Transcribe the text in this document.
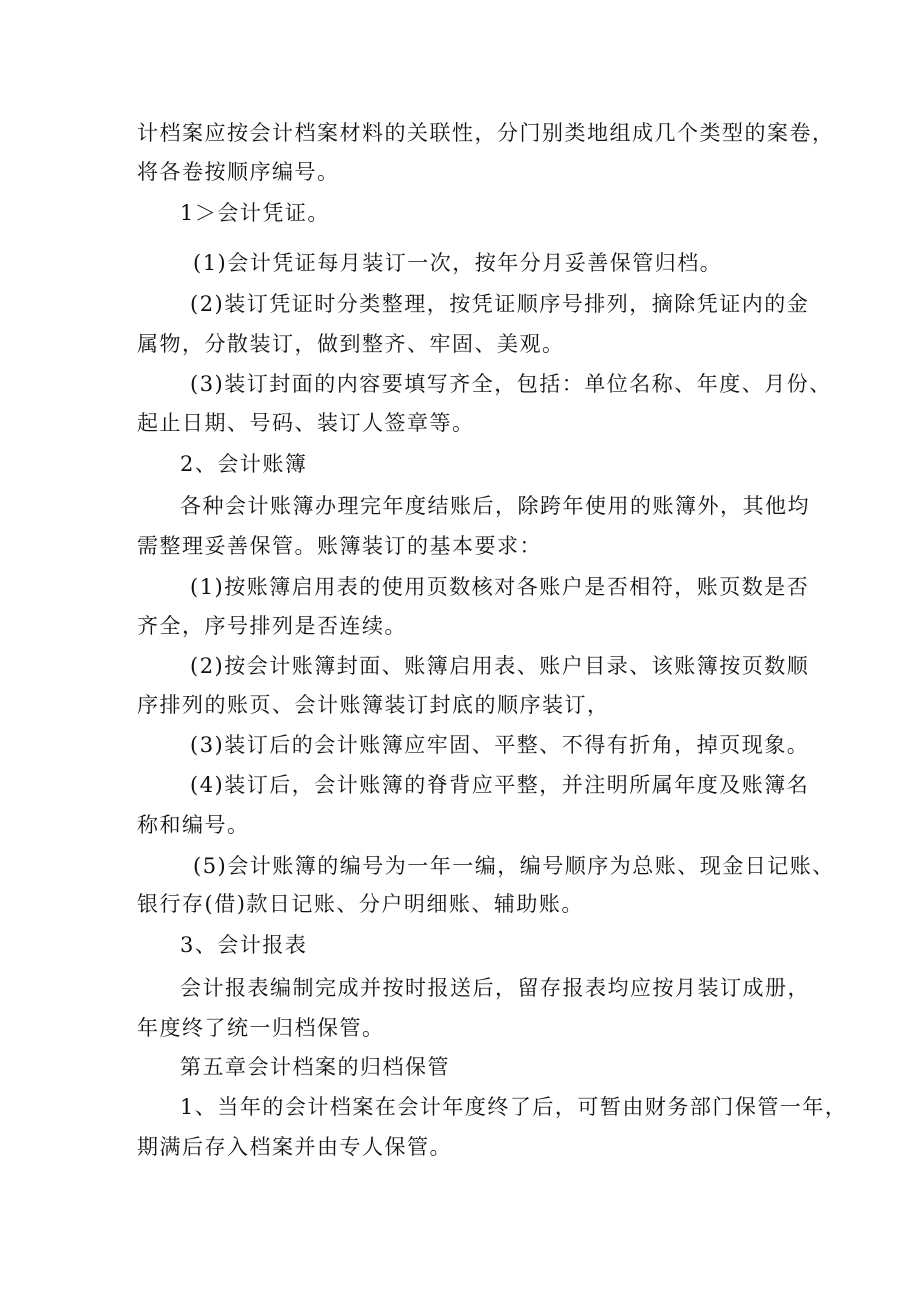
计档案应按会计档案材料的关联性，分门别类地组成几个类型的案卷，
将各卷按顺序编号。
1＞会计凭证。
(1)会计凭证每月装订一次，按年分月妥善保管归档。
(2)装订凭证时分类整理，按凭证顺序号排列，摘除凭证内的金
属物，分散装订，做到整齐、牢固、美观。
(3)装订封面的内容要填写齐全，包括：单位名称、年度、月份、
起止日期、号码、装订人签章等。
2、会计账簿
各种会计账簿办理完年度结账后，除跨年使用的账簿外，其他均
需整理妥善保管。账簿装订的基本要求：
(1)按账簿启用表的使用页数核对各账户是否相符，账页数是否
齐全，序号排列是否连续。
(2)按会计账簿封面、账簿启用表、账户目录、该账簿按页数顺
序排列的账页、会计账簿装订封底的顺序装订，
(3)装订后的会计账簿应牢固、平整、不得有折角，掉页现象。
(4)装订后，会计账簿的脊背应平整，并注明所属年度及账簿名
称和编号。
(5)会计账簿的编号为一年一编，编号顺序为总账、现金日记账、
银行存(借)款日记账、分户明细账、辅助账。
3、会计报表
会计报表编制完成并按时报送后，留存报表均应按月装订成册，
年度终了统一归档保管。
第五章会计档案的归档保管
1、当年的会计档案在会计年度终了后，可暂由财务部门保管一年，
期满后存入档案并由专人保管。
